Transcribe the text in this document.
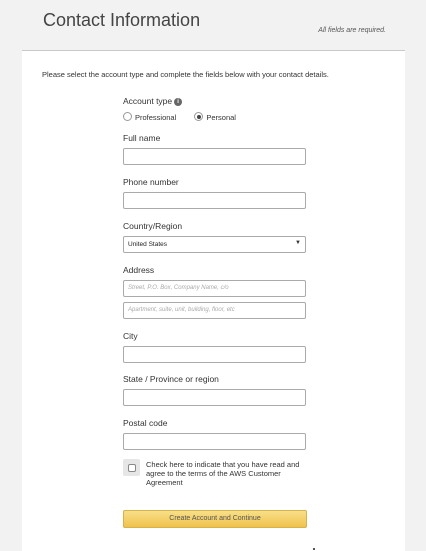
Contact Information
All fields are required.
Please select the account type and complete the fields below with your contact details.
Account type i
Professional	Personal
Full name
Phone number
Country/Region
United States	▼
Address
Street, P.O. Box, Company Name, c/o
Apartment, suite, unit, building, floor, etc
City
State / Province or region
Postal code
Check here to indicate that you have read and agree to the terms of the AWS Customer Agreement
Create Account and Continue
